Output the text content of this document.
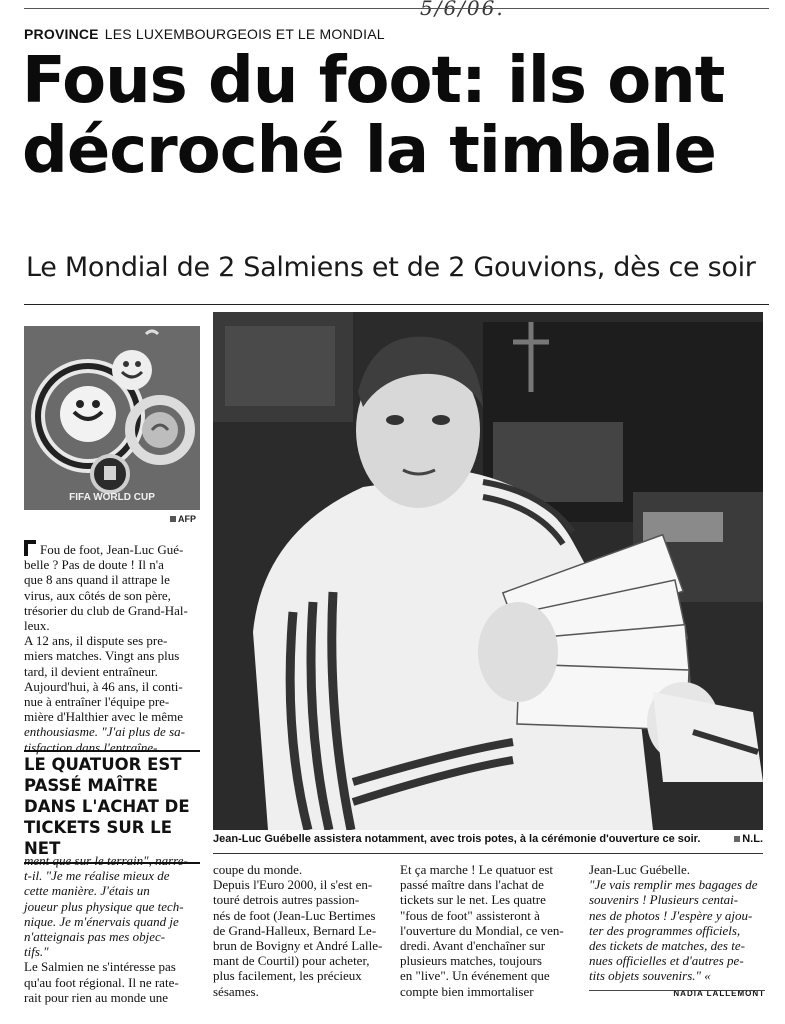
5/6/06.
PROVINCE LES LUXEMBOURGEOIS ET LE MONDIAL
Fous du foot: ils ont
décroché la timbale
Le Mondial de 2 Salmiens et de 2 Gouvions, dès ce soir
FIFA WORLD CUP
AFP
Jean-Luc Guébelle assistera notamment, avec trois potes, à la cérémonie d'ouverture ce soir.	N.L.

Fou de foot, Jean-Luc Gué-

belle ? Pas de doute ! Il n'a

que 8 ans quand il attrape le

virus, aux côtés de son père,

trésorier du club de Grand-Hal-

leux.

A 12 ans, il dispute ses pre-

miers matches. Vingt ans plus

tard, il devient entraîneur.

Aujourd'hui, à 46 ans, il conti-

nue à entraîner l'équipe pre-

mière d'Halthier avec le même

enthousiasme. "J'ai plus de sa-

tisfaction dans l'entraîne-

LE QUATUOR EST
PASSÉ MAÎTRE
DANS L'ACHAT DE
TICKETS SUR LE NET

ment que sur le terrain", narre-

t-il. "Je me réalise mieux de

cette manière. J'étais un

joueur plus physique que tech-

nique. Je m'énervais quand je

n'atteignais pas mes objec-

tifs."

Le Salmien ne s'intéresse pas

qu'au foot régional. Il ne rate-

rait pour rien au monde une

coupe du monde.

Depuis l'Euro 2000, il s'est en-

touré detrois autres passion-

nés de foot (Jean-Luc Bertimes

de Grand-Halleux, Bernard Le-

brun de Bovigny et André Lalle-

mant de Courtil) pour acheter,

plus facilement, les précieux

sésames.

Et ça marche ! Le quatuor est

passé maître dans l'achat de

tickets sur le net. Les quatre

"fous de foot" assisteront à

l'ouverture du Mondial, ce ven-

dredi. Avant d'enchaîner sur

plusieurs matches, toujours

en "live". Un événement que

compte bien immortaliser

Jean-Luc Guébelle.

"Je vais remplir mes bagages de

souvenirs ! Plusieurs centai-

nes de photos ! J'espère y ajou-

ter des programmes officiels,

des tickets de matches, des te-

nues officielles et d'autres pe-

tits objets souvenirs." «

NADIA LALLEMONT
